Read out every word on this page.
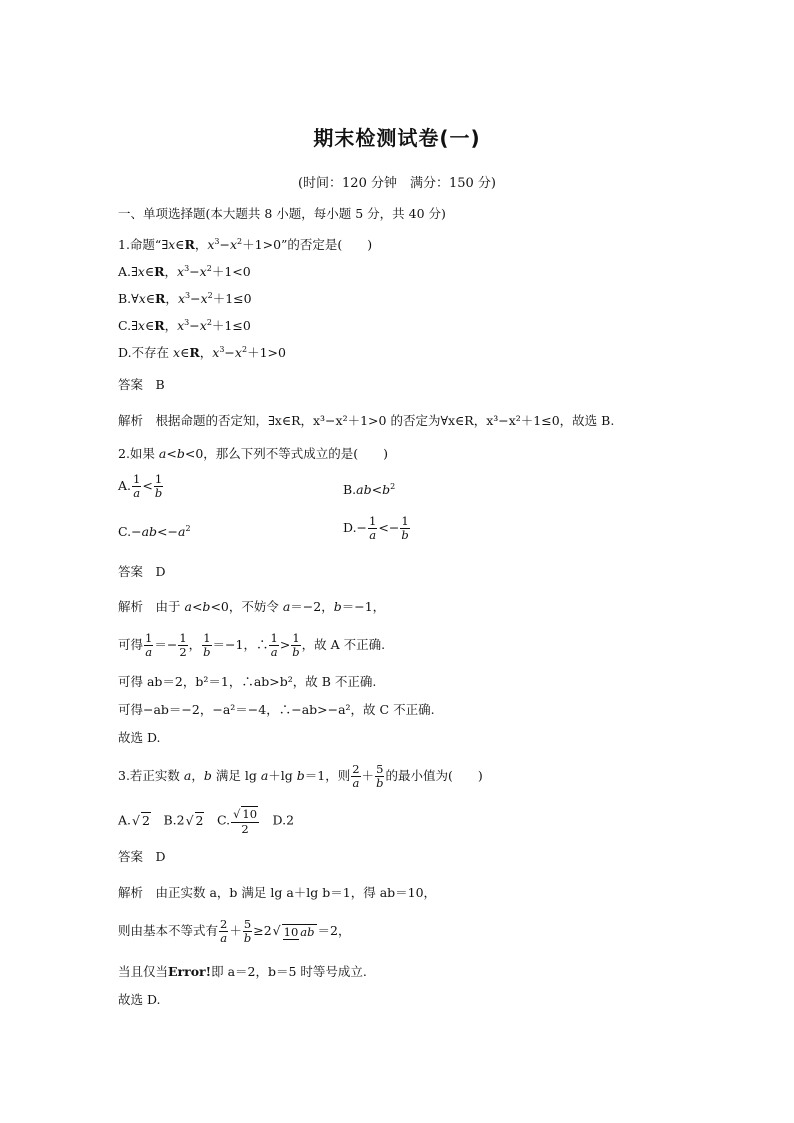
期末检测试卷(一)
(时间：120 分钟　满分：150 分)
一、单项选择题(本大题共 8 小题，每小题 5 分，共 40 分)
1.命题“∃x∈R，$x^3-x^2+1>0$”的否定是(　　)
A.∃x∈R，$x^3-x^2+1<0$
B.∀x∈R，$x^3-x^2+1\le 0$
C.∃x∈R，$x^3-x^2+1\le 0$
D.不存在 x∈R，$x^3-x^2+1>0$
答案　B
解析　根据命题的否定知，∃x∈R，x³−x²＋1>0 的否定为∀x∈R，x³−x²＋1≤0，故选 B.
2.如果 a<b<0，那么下列不等式成立的是(　　)
A. $\frac{1}{a} < \frac{1}{b}$	$B.ab<b^2$
$C.-ab<-a^2$	$D.- \frac{1}{a} <- \frac{1}{b}$
答案　D
解析　由于 a<b<0，不妨令 a＝−2，b＝−1，
可得 $\frac{1}{a} =- \frac{1}{2}$ ， $\frac{1}{b} =-1$，∴ $\frac{1}{a} > \frac{1}{b}$ ，故 A 不正确.
可得 ab＝2，b²＝1，∴ab>b²，故 B 不正确.
可得−ab＝−2，−a²＝−4，∴−ab>−a²，故 C 不正确.
故选 D.
3.若正实数 a，b 满足 lg a＋lg b＝1，则 $\frac{2}{a} + \frac{5}{b}$ 的最小值为(　　)
A.√ 2　B.2√ 2　C. $\frac{√ 10}{2}$ 　D.2
答案　D
解析　由正实数 a，b 满足 lg a＋lg b＝1，得 ab＝10，
则由基本不等式有 $\frac{2}{a} + \frac{5}{b} \ge 2√$ 10 ab ＝2，
当且仅当Error!即 a＝2，b＝5 时等号成立.
故选 D.
